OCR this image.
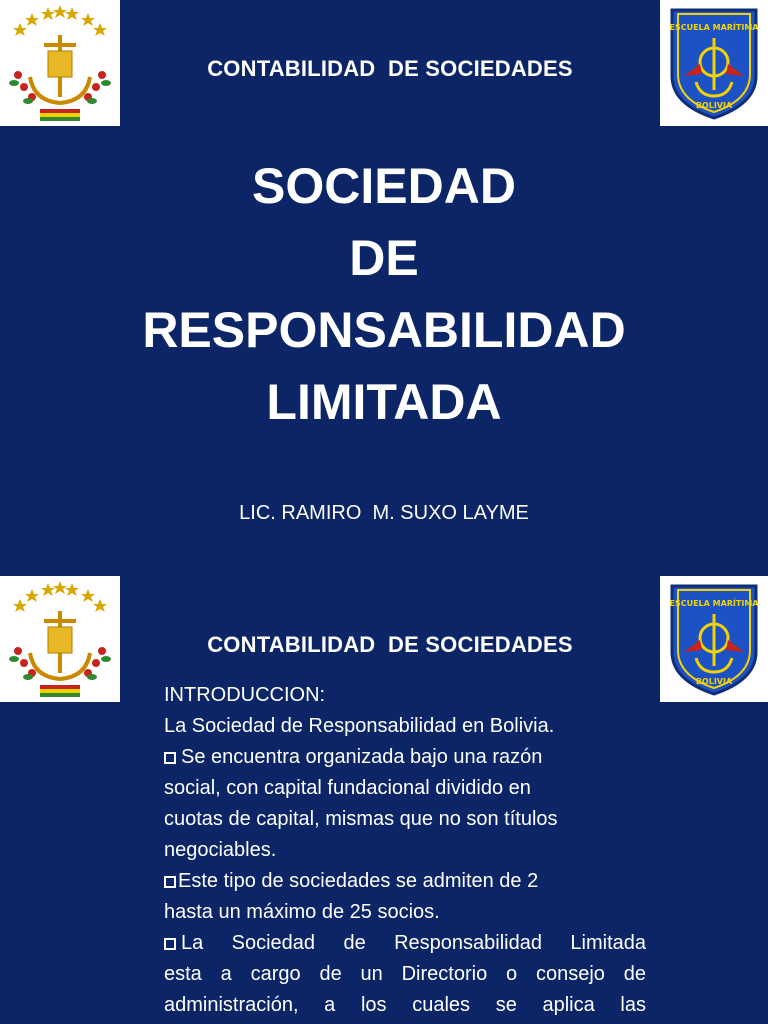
CONTABILIDAD  DE SOCIEDADES
ESCUELA MARÍTIMA
BOLIVIA
SOCIEDAD
DE
RESPONSABILIDAD
LIMITADA
LIC. RAMIRO  M. SUXO LAYME
CONTABILIDAD  DE SOCIEDADES
ESCUELA MARÍTIMA
BOLIVIA

INTRODUCCION:

La Sociedad de Responsabilidad en Bolivia.

Se encuentra organizada bajo una razón

social, con capital fundacional dividido en

cuotas de capital, mismas que no son títulos

negociables.

Este tipo de sociedades se admiten de 2

hasta un máximo de 25 socios.

La Sociedad de Responsabilidad Limitada

esta a cargo de un Directorio o consejo de

administración, a los cuales se aplica las
